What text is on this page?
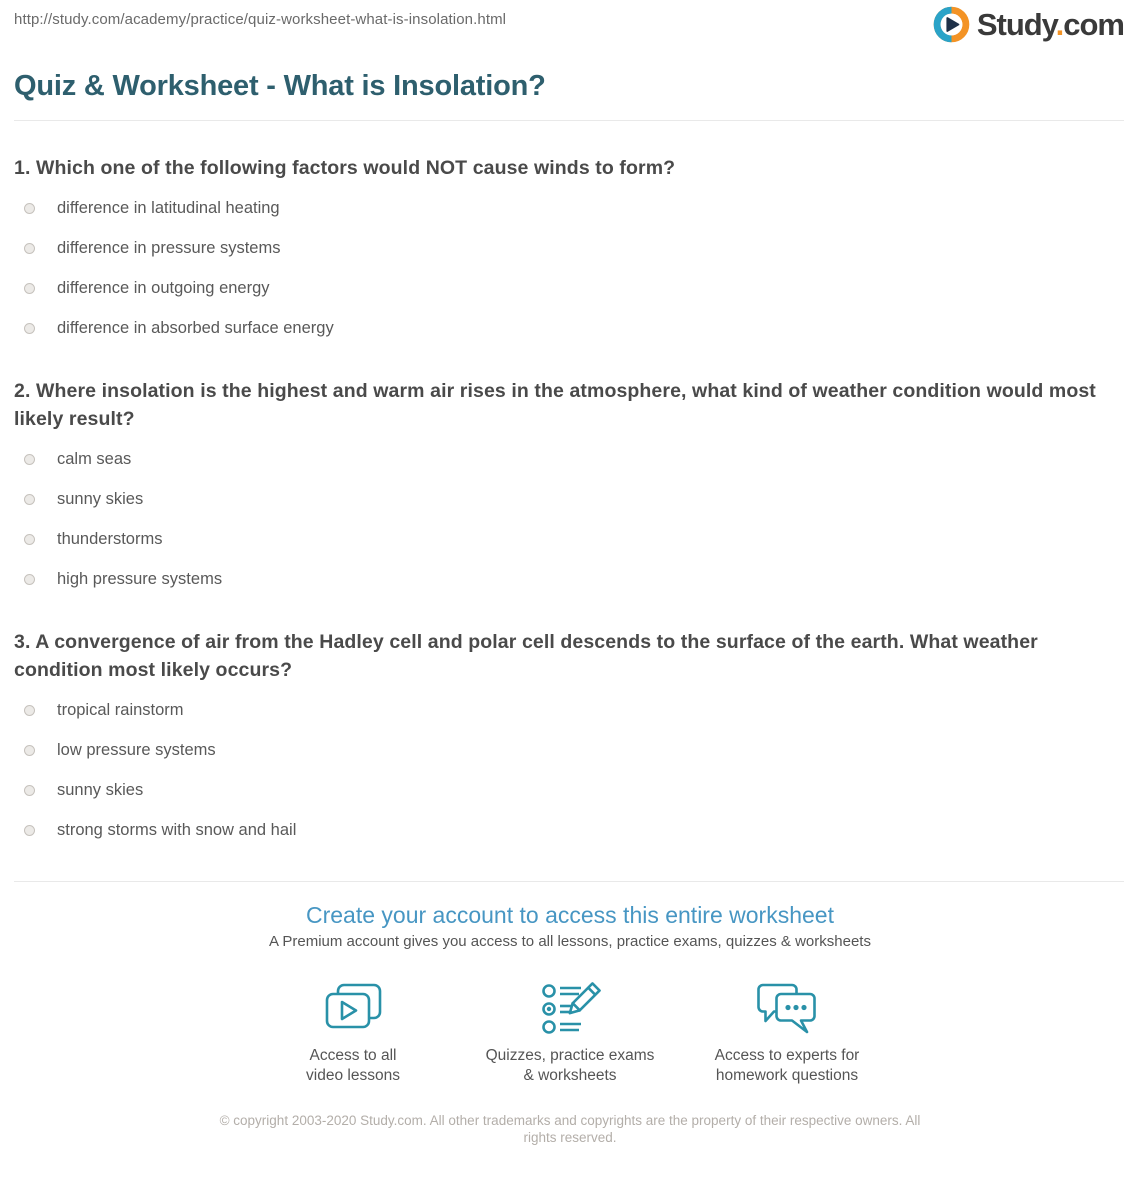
http://study.com/academy/practice/quiz-worksheet-what-is-insolation.html	Study.com
Quiz & Worksheet - What is Insolation?
1. Which one of the following factors would NOT cause winds to form?
difference in latitudinal heating
difference in pressure systems
difference in outgoing energy
difference in absorbed surface energy
2. Where insolation is the highest and warm air rises in the atmosphere, what kind of weather condition would most likely result?
calm seas
sunny skies
thunderstorms
high pressure systems
3. A convergence of air from the Hadley cell and polar cell descends to the surface of the earth. What weather condition most likely occurs?
tropical rainstorm
low pressure systems
sunny skies
strong storms with snow and hail
Create your account to access this entire worksheet
A Premium account gives you access to all lessons, practice exams, quizzes & worksheets
Access to all
video lessons
Quizzes, practice exams
& worksheets
Access to experts for
homework questions
© copyright 2003-2020 Study.com. All other trademarks and copyrights are the property of their respective owners. All rights reserved.
